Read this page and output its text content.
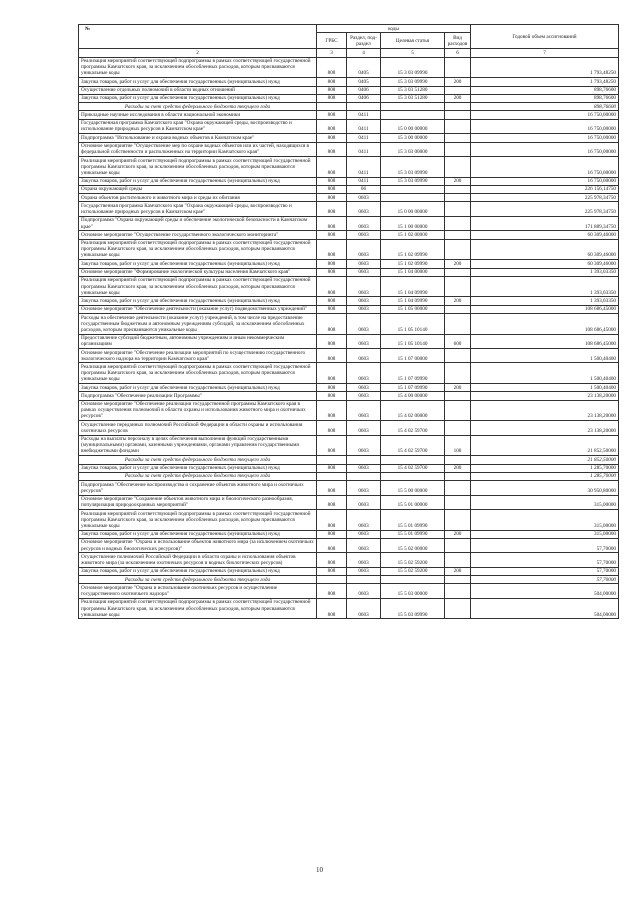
№	коды				Годовой объем ассигнований
	ГРБС	Раздел, под-раздел	Целевая статья	Вид расходов	
2	3	4	5	6	7
Реализация мероприятий соответствующей подпрограммы в рамках соответствующей государственной программы Камчатского края, за исключением обособленных расходов, которым присваиваются уникальные коды	808	0405	15 3 03 09990		1 793,48250
Закупка товаров, работ и услуг для обеспечения государственных (муниципальных) нужд	808	0405	15 3 03 09990	200	1 793,48250
Осуществление отдельных полномочий в области водных отношений	808	0406	15 3 03 51280		898,76600
Закупка товаров, работ и услуг для обеспечения государственных (муниципальных) нужд	808	0406	15 3 03 51280	200	898,76600
Расходы за счет средств федерального бюджета текущего года					898,76600
Прикладные научные исследования в области национальной экономики	808	0411			16 750,00000
Государственная программа Камчатского края "Охрана окружающей среды, воспроизводство и использование природных ресурсов в Камчатском крае"	808	0411	15 0 00 00000		16 750,00000
Подпрограмма "Использование и охрана водных объектов в Камчатском крае"	808	0411	15 3 00 00000		16 750,00000
Основное мероприятие "Осуществление мер по охране водных объектов или их частей, находящихся в федеральной собственности и расположенных на территории Камчатского края"	808	0411	15 3 03 00000		16 750,00000
Реализация мероприятий соответствующей подпрограммы в рамках соответствующей государственной программы Камчатского края, за исключением обособленных расходов, которым присваиваются уникальные коды	808	0411	15 3 03 09990		16 750,00000
Закупка товаров, работ и услуг для обеспечения государственных (муниципальных) нужд	808	0411	15 3 03 09990	200	16 750,00000
Охрана окружающей среды	808	06			226 156,14750
Охрана объектов растительного и животного мира и среды их обитания	808	0603			225 978,34750
Государственная программа Камчатского края "Охрана окружающей среды, воспроизводство и использование природных ресурсов в Камчатском крае"	808	0603	15 0 00 00000		225 978,34750
Подпрограмма "Охрана окружающей среды и обеспечение экологической безопасности в Камчатском крае"	808	0603	15 1 00 00000		171 889,34750
Основное мероприятие "Осуществление государственного экологического мониторинга"	808	0603	15 1 02 00000		60 309,46000
Реализация мероприятий соответствующей подпрограммы в рамках соответствующей государственной программы Камчатского края, за исключением обособленных расходов, которым присваиваются уникальные коды	808	0603	15 1 02 09990		60 309,46000
Закупка товаров, работ и услуг для обеспечения государственных (муниципальных) нужд	808	0603	15 1 02 09990	200	60 309,46000
Основное мероприятие "Формирование экологической культуры населения Камчатского края"	808	0603	15 1 04 00000		1 393,03350
Реализация мероприятий соответствующей подпрограммы в рамках соответствующей государственной программы Камчатского края, за исключением обособленных расходов, которым присваиваются уникальные коды	808	0603	15 1 04 09990		1 393,03350
Закупка товаров, работ и услуг для обеспечения государственных (муниципальных) нужд	808	0603	15 1 04 09990	200	1 393,03350
Основное мероприятие "Обеспечение деятельности (оказание услуг) подведомственных учреждений"	808	0603	15 1 05 00000		108 686,45000
Расходы на обеспечение деятельности (оказание услуг) учреждений, в том числе на предоставление государственным бюджетным и автономным учреждениям субсидий, за исключением обособленных расходов, которым присваиваются уникальные коды	808	0603	15 1 05 10140		108 686,45000
Предоставление субсидий бюджетным, автономным учреждениям и иным некоммерческим организациям	808	0603	15 1 05 10140	600	108 686,45000
Основное мероприятие "Обеспечение реализации мероприятий по осуществлению государственного экологического надзора на территории Камчатского края"	808	0603	15 1 07 00000		1 500,40400
Реализация мероприятий соответствующей подпрограммы в рамках соответствующей государственной программы Камчатского края, за исключением обособленных расходов, которым присваиваются уникальные коды	808	0603	15 1 07 09990		1 500,40400
Закупка товаров, работ и услуг для обеспечения государственных (муниципальных) нужд	808	0603	15 1 07 09990	200	1 500,40400
Подпрограмма "Обеспечение реализации Программы"	808	0603	15 4 00 00000		23 138,20000
Основное мероприятие "Обеспечение реализации государственной программы Камчатского края в рамках осуществления полномочий в области охраны и использования животного мира и охотничьих ресурсов"	808	0603	15 4 02 00000		23 138,20000
Осуществление переданных полномочий Российской Федерации в области охраны и использования охотничьих ресурсов	808	0603	15 4 02 59700		23 138,20000
Расходы на выплаты персоналу в целях обеспечения выполнения функций государственными (муниципальными) органами, казенными учреждениями, органами управления государственными внебюджетными фондами	808	0603	15 4 02 59700	100	21 852,50000
Расходы за счет средств федерального бюджета текущего года					21 852,50000
Закупка товаров, работ и услуг для обеспечения государственных (муниципальных) нужд	808	0603	15 4 02 59700	200	1 285,70000
Расходы за счет средств федерального бюджета текущего года					1 285,70000
Подпрограмма "Обеспечение воспроизводства и сохранение объектов животного мира и охотничьих ресурсов"	808	0603	15 5 00 00000		30 950,80000
Основное мероприятие "Сохранение объектов животного мира и биологического разнообразия, популяризация природоохранных мероприятий"	808	0603	15 5 01 00000		315,00000
Реализация мероприятий соответствующей подпрограммы в рамках соответствующей государственной программы Камчатского края, за исключением обособленных расходов, которым присваиваются уникальные коды	808	0603	15 5 01 09990		315,00000
Закупка товаров, работ и услуг для обеспечения государственных (муниципальных) нужд	808	0603	15 5 01 09990	200	315,00000
Основное мероприятие "Охрана и использование объектов животного мира (за исключением охотничьих ресурсов и водных биологических ресурсов)"	808	0603	15 5 02 00000		57,70000
Осуществление полномочий Российской Федерации в области охраны и использования объектов животного мира (за исключением охотничьих ресурсов и водных биологических ресурсов)	808	0603	15 5 02 59200		57,70000
Закупка товаров, работ и услуг для обеспечения государственных (муниципальных) нужд	808	0603	15 5 02 59200	200	57,70000
Расходы за счет средств федерального бюджета текущего года					57,70000
Основное мероприятие "Охрана и использование охотничьих ресурсов и осуществление государственного охотничьего надзора"	808	0603	15 5 03 00000		504,00000
Реализация мероприятий соответствующей подпрограммы в рамках соответствующей государственной программы Камчатского края, за исключением обособленных расходов, которым присваиваются уникальные коды	808	0603	15 5 03 09990		504,00000
10
